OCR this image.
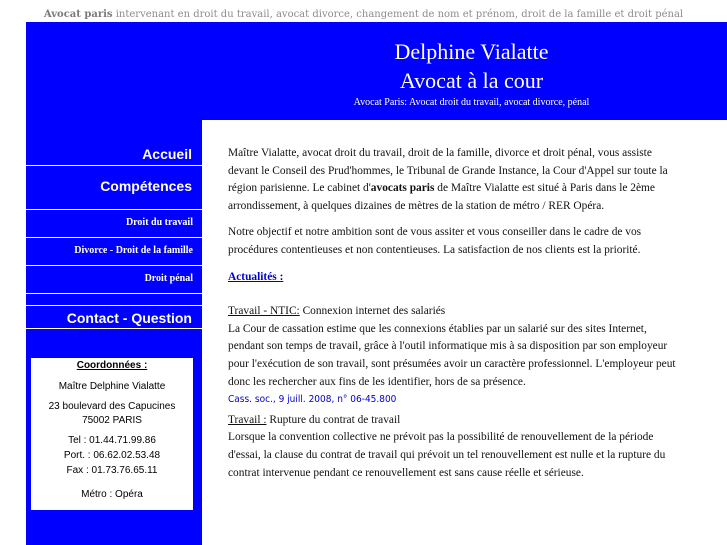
Avocat paris intervenant en droit du travail, avocat divorce, changement de nom et prénom, droit de la famille et droit pénal
Delphine Vialatte
Avocat à la cour
Avocat Paris: Avocat droit du travail, avocat divorce, pénal
Accueil
Compétences
Droit du travail
Divorce - Droit de la famille
Droit pénal
Contact - Question
Coordonnées :
Maître Delphine Vialatte
23 boulevard des Capucines
75002 PARIS
Tel : 01.44.71.99.86
Port. : 06.62.02.53.48
Fax : 01.73.76.65.11
Métro : Opéra

Maître Vialatte, avocat droit du travail, droit de la famille, divorce et droit pénal, vous assiste devant le Conseil des Prud'hommes, le Tribunal de Grande Instance, la Cour d'Appel sur toute la région parisienne. Le cabinet d'avocats paris de Maître Vialatte est situé à Paris dans le 2ème arrondissement, à quelques dizaines de mètres de la station de métro / RER Opéra.

Notre objectif et notre ambition sont de vous assiter et vous conseiller dans le cadre de vos procédures contentieuses et non contentieuses. La satisfaction de nos clients est la priorité.

Actualités :

Travail - NTIC: Connexion internet des salariés
La Cour de cassation estime que les connexions établies par un salarié sur des sites Internet, pendant son temps de travail, grâce à l'outil informatique mis à sa disposition par son employeur pour l'exécution de son travail, sont présumées avoir un caractère professionnel. L'employeur peut donc les rechercher aux fins de les identifier, hors de sa présence.
Cass. soc., 9 juill. 2008, n° 06-45.800
Travail : Rupture du contrat de travail
Lorsque la convention collective ne prévoit pas la possibilité de renouvellement de la période d'essai, la clause du contrat de travail qui prévoit un tel renouvellement est nulle et la rupture du contrat intervenue pendant ce renouvellement est sans cause réelle et sérieuse.
